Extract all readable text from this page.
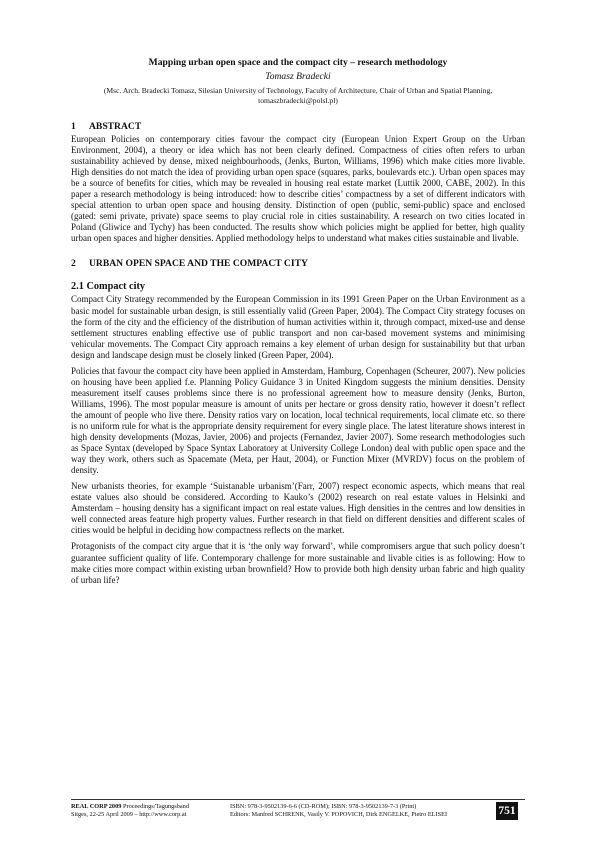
Mapping urban open space and the compact city – research methodology
Tomasz Bradecki
(Msc. Arch. Bradecki Tomasz, Silesian University of Technology, Faculty of Architecture, Chair of Urban and Spatial Planning,
tomaszbradecki@polsl.pl)
1	ABSTRACT

European Policies on contemporary cities favour the compact city (European Union Expert Group on the Urban Environment, 2004), a theory or idea which has not been clearly defined. Compactness of cities often refers to urban sustainability achieved by dense, mixed neighbourhoods, (Jenks, Burton, Williams, 1996) which make cities more livable. High densities do not match the idea of providing urban open space (squares, parks, boulevards etc.). Urban open spaces may be a source of benefits for cities, which may be revealed in housing real estate market (Luttik 2000, CABE, 2002). In this paper a research methodology is being introduced: how to describe cities’ compactness by a set of different indicators with special attention to urban open space and housing density. Distinction of open (public, semi-public) space and enclosed (gated: semi private, private) space seems to play crucial role in cities sustainability. A research on two cities located in Poland (Gliwice and Tychy) has been conducted. The results show which policies might be applied for better, high quality urban open spaces and higher densities. Applied methodology helps to understand what makes cities sustainable and livable.

2	URBAN OPEN SPACE AND THE COMPACT CITY
2.1 Compact city

Compact City Strategy recommended by the European Commission in its 1991 Green Paper on the Urban Environment as a basic model for sustainable urban design, is still essentially valid (Green Paper, 2004). The Compact City strategy focuses on the form of the city and the efficiency of the distribution of human activities within it, through compact, mixed-use and dense settlement structures enabling effective use of public transport and non car-based movement systems and minimising vehicular movements. The Compact City approach remains a key element of urban design for sustainability but that urban design and landscape design must be closely linked (Green Paper, 2004).

Policies that favour the compact city have been applied in Amsterdam, Hamburg, Copenhagen (Scheurer, 2007). New policies on housing have been applied f.e. Planning Policy Guidance 3 in United Kingdom suggests the minium densities. Density measurement itself causes problems since there is no professional agreement how to measure density (Jenks, Burton, Williams, 1996). The most popular measure is amount of units per hectare or gross density ratio, however it doesn’t reflect the amount of people who live there. Density ratios vary on location, local technical requirements, local climate etc. so there is no uniform rule for what is the appropriate density requirement for every single place. The latest literature shows interest in high density developments (Mozas, Javier, 2006) and projects (Fernandez, Javier 2007). Some research methodologies such as Space Syntax (developed by Space Syntax Laboratory at University College London) deal with public open space and the way they work, others such as Spacemate (Meta, per Haut, 2004), or Function Mixer (MVRDV) focus on the problem of density.

New urbanists theories, for example ‘Suistanable urbanism’(Farr, 2007) respect economic aspects, which means that real estate values also should be considered. According to Kauko’s (2002) research on real estate values in Helsinki and Amsterdam – housing density has a significant impact on real estate values. High densities in the centres and low densities in well connected areas feature high property values. Further research in that field on different densities and different scales of cities would be helpful in deciding how compactness reflects on the market.

Protagonists of the compact city argue that it is ‘the only way forward’, while compromisers argue that such policy doesn’t guarantee sufficient quality of life. Contemporary challenge for more sustainable and livable cities is as following: How to make cities more compact within existing urban brownfield? How to provide both high density urban fabric and high quality of urban life?

REAL CORP 2009 Proceedings/Tagungsband	ISBN: 978-3-9502139-6-6 (CD-ROM); ISBN: 978-3-9502139-7-3 (Print)
Sitges, 22-25 April 2009 – http://www.corp.at	Editors: Manfred SCHRENK, Vasily V. POPOVICH, Dirk ENGELKE, Pietro ELISEI	751
